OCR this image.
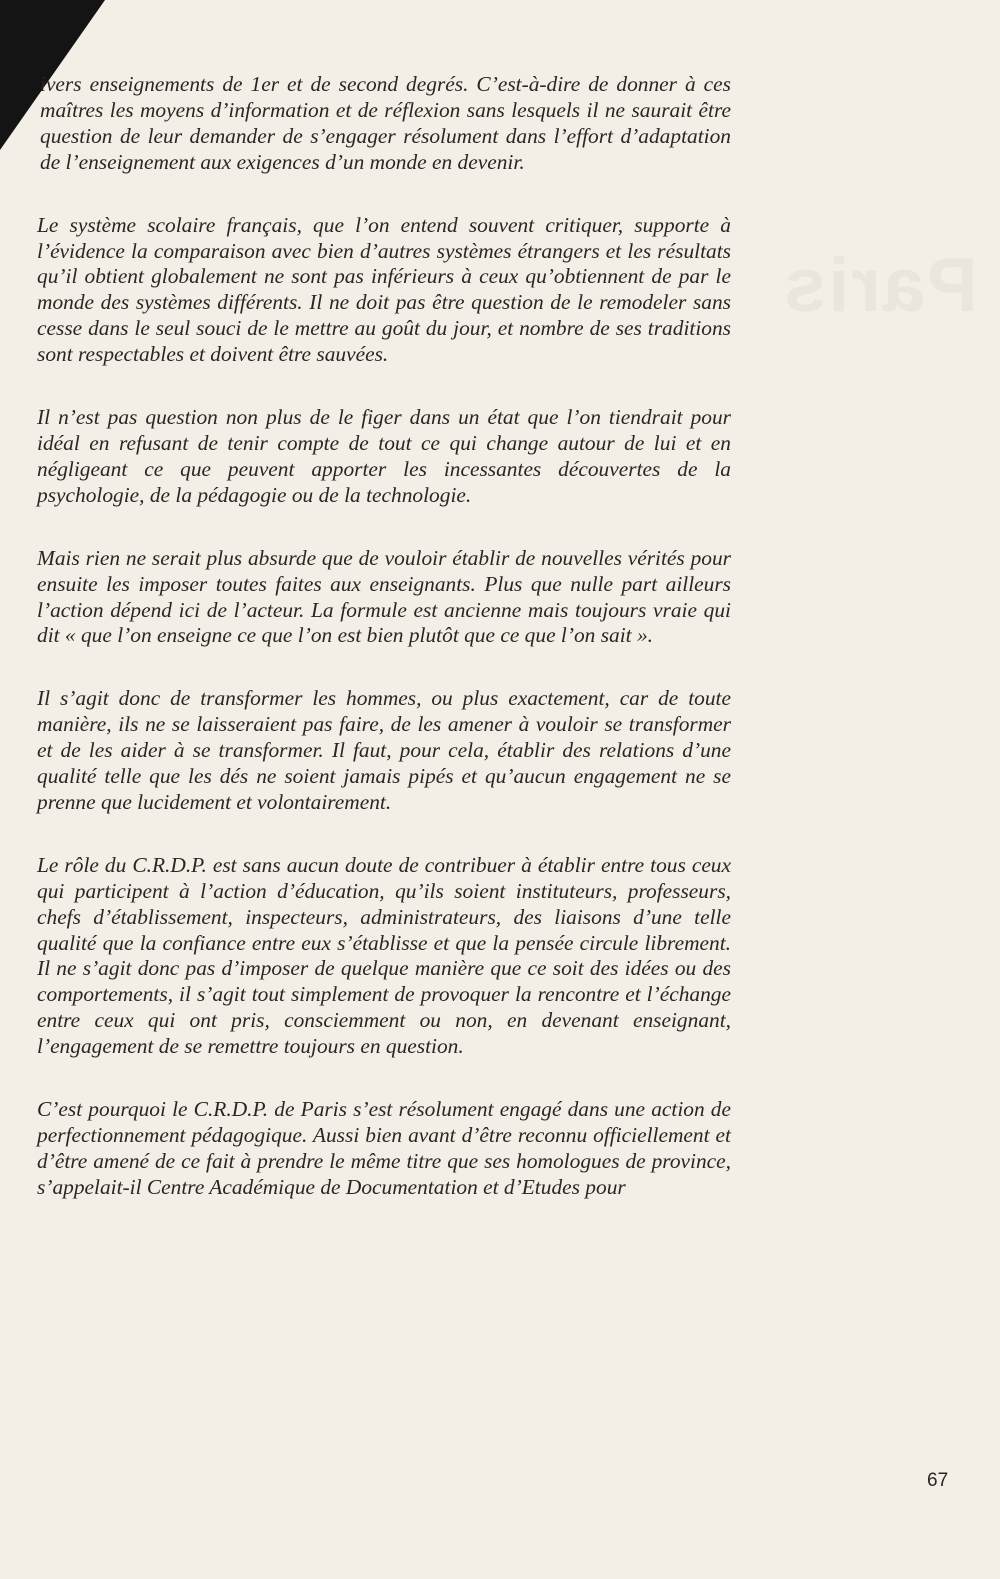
Paris

ivers enseignements de 1er et de second degrés. C’est-à-dire de donner à ces maîtres les moyens d’information et de réflexion sans lesquels il ne saurait être question de leur demander de s’engager résolument dans l’effort d’adaptation de l’enseignement aux exigences d’un monde en devenir.

Le système scolaire français, que l’on entend souvent critiquer, supporte à l’évidence la comparaison avec bien d’autres systèmes étrangers et les résultats qu’il obtient globalement ne sont pas inférieurs à ceux qu’obtiennent de par le monde des systèmes différents. Il ne doit pas être question de le remodeler sans cesse dans le seul souci de le mettre au goût du jour, et nombre de ses traditions sont respectables et doivent être sauvées.

Il n’est pas question non plus de le figer dans un état que l’on tiendrait pour idéal en refusant de tenir compte de tout ce qui change autour de lui et en négligeant ce que peuvent apporter les incessantes découvertes de la psychologie, de la pédagogie ou de la technologie.

Mais rien ne serait plus absurde que de vouloir établir de nouvelles vérités pour ensuite les imposer toutes faites aux enseignants. Plus que nulle part ailleurs l’action dépend ici de l’acteur. La formule est ancienne mais toujours vraie qui dit « que l’on enseigne ce que l’on est bien plutôt que ce que l’on sait ».

Il s’agit donc de transformer les hommes, ou plus exactement, car de toute manière, ils ne se laisseraient pas faire, de les amener à vouloir se transformer et de les aider à se transformer. Il faut, pour cela, établir des relations d’une qualité telle que les dés ne soient jamais pipés et qu’aucun engagement ne se prenne que lucidement et volontairement.

Le rôle du C.R.D.P. est sans aucun doute de contribuer à établir entre tous ceux qui participent à l’action d’éducation, qu’ils soient instituteurs, professeurs, chefs d’établissement, inspecteurs, administrateurs, des liaisons d’une telle qualité que la confiance entre eux s’établisse et que la pensée circule librement. Il ne s’agit donc pas d’imposer de quelque manière que ce soit des idées ou des comportements, il s’agit tout simplement de provoquer la rencontre et l’échange entre ceux qui ont pris, consciemment ou non, en devenant enseignant, l’engagement de se remettre toujours en question.

C’est pourquoi le C.R.D.P. de Paris s’est résolument engagé dans une action de perfectionnement pédagogique. Aussi bien avant d’être reconnu officiellement et d’être amené de ce fait à prendre le même titre que ses homologues de province, s’appelait-il Centre Académique de Documentation et d’Etudes pour

67
